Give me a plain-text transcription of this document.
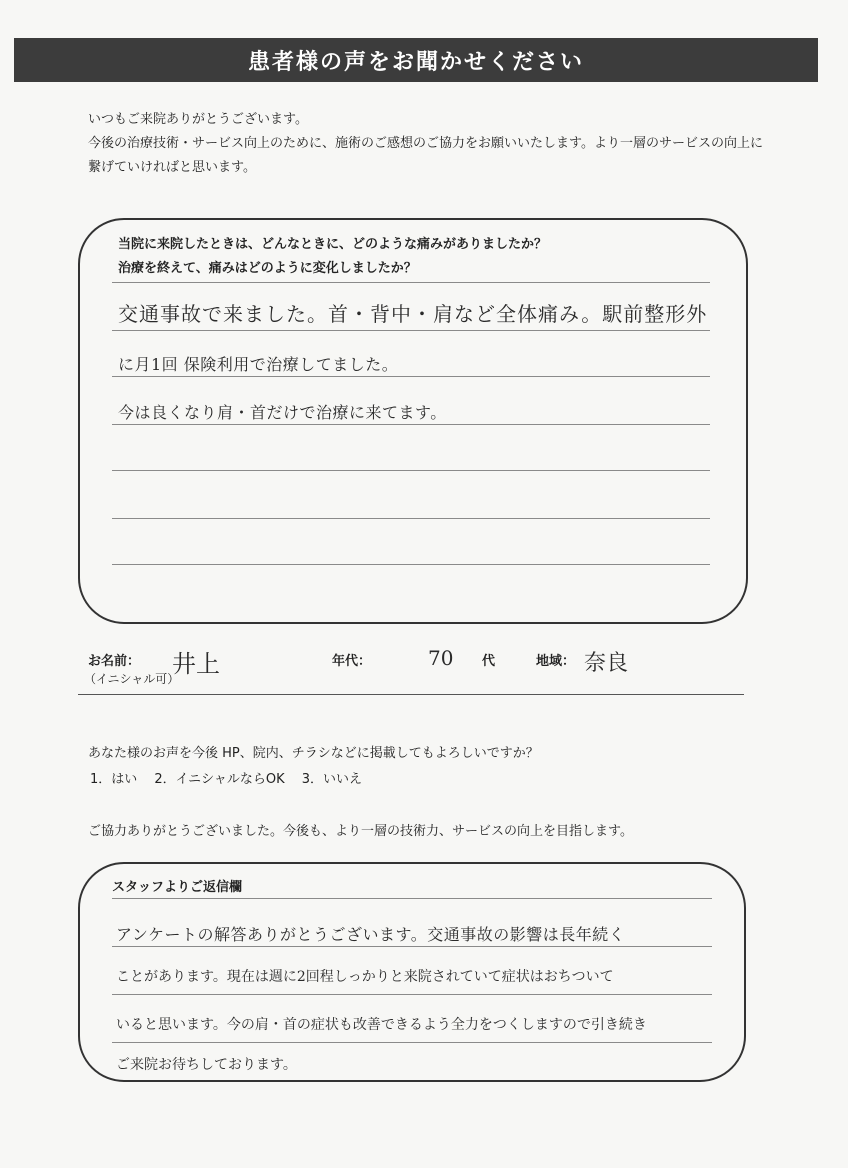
患者様の声をお聞かせください
いつもご来院ありがとうございます。
今後の治療技術・サービス向上のために、施術のご感想のご協力をお願いいたします。より一層のサービスの向上に
繋げていければと思います。
当院に来院したときは、どんなときに、どのような痛みがありましたか？
治療を終えて、痛みはどのように変化しましたか？
交通事故で来ました。首・背中・肩など全体痛み。駅前整形外
に月1回 保険利用で治療してました。
今は良くなり肩・首だけで治療に来てます。
お名前：
（イニシャル可）
井上	年代：	70 代	地域： 奈良
あなた様のお声を今後 HP、院内、チラシなどに掲載してもよろしいですか？
1．はい　 2．イニシャルならOK　 3．いいえ
ご協力ありがとうございました。今後も、より一層の技術力、サービスの向上を目指します。
スタッフよりご返信欄
アンケートの解答ありがとうございます。交通事故の影響は長年続く
ことがあります。現在は週に2回程しっかりと来院されていて症状はおちついて
いると思います。今の肩・首の症状も改善できるよう全力をつくしますので引き続き
ご来院お待ちしております。
